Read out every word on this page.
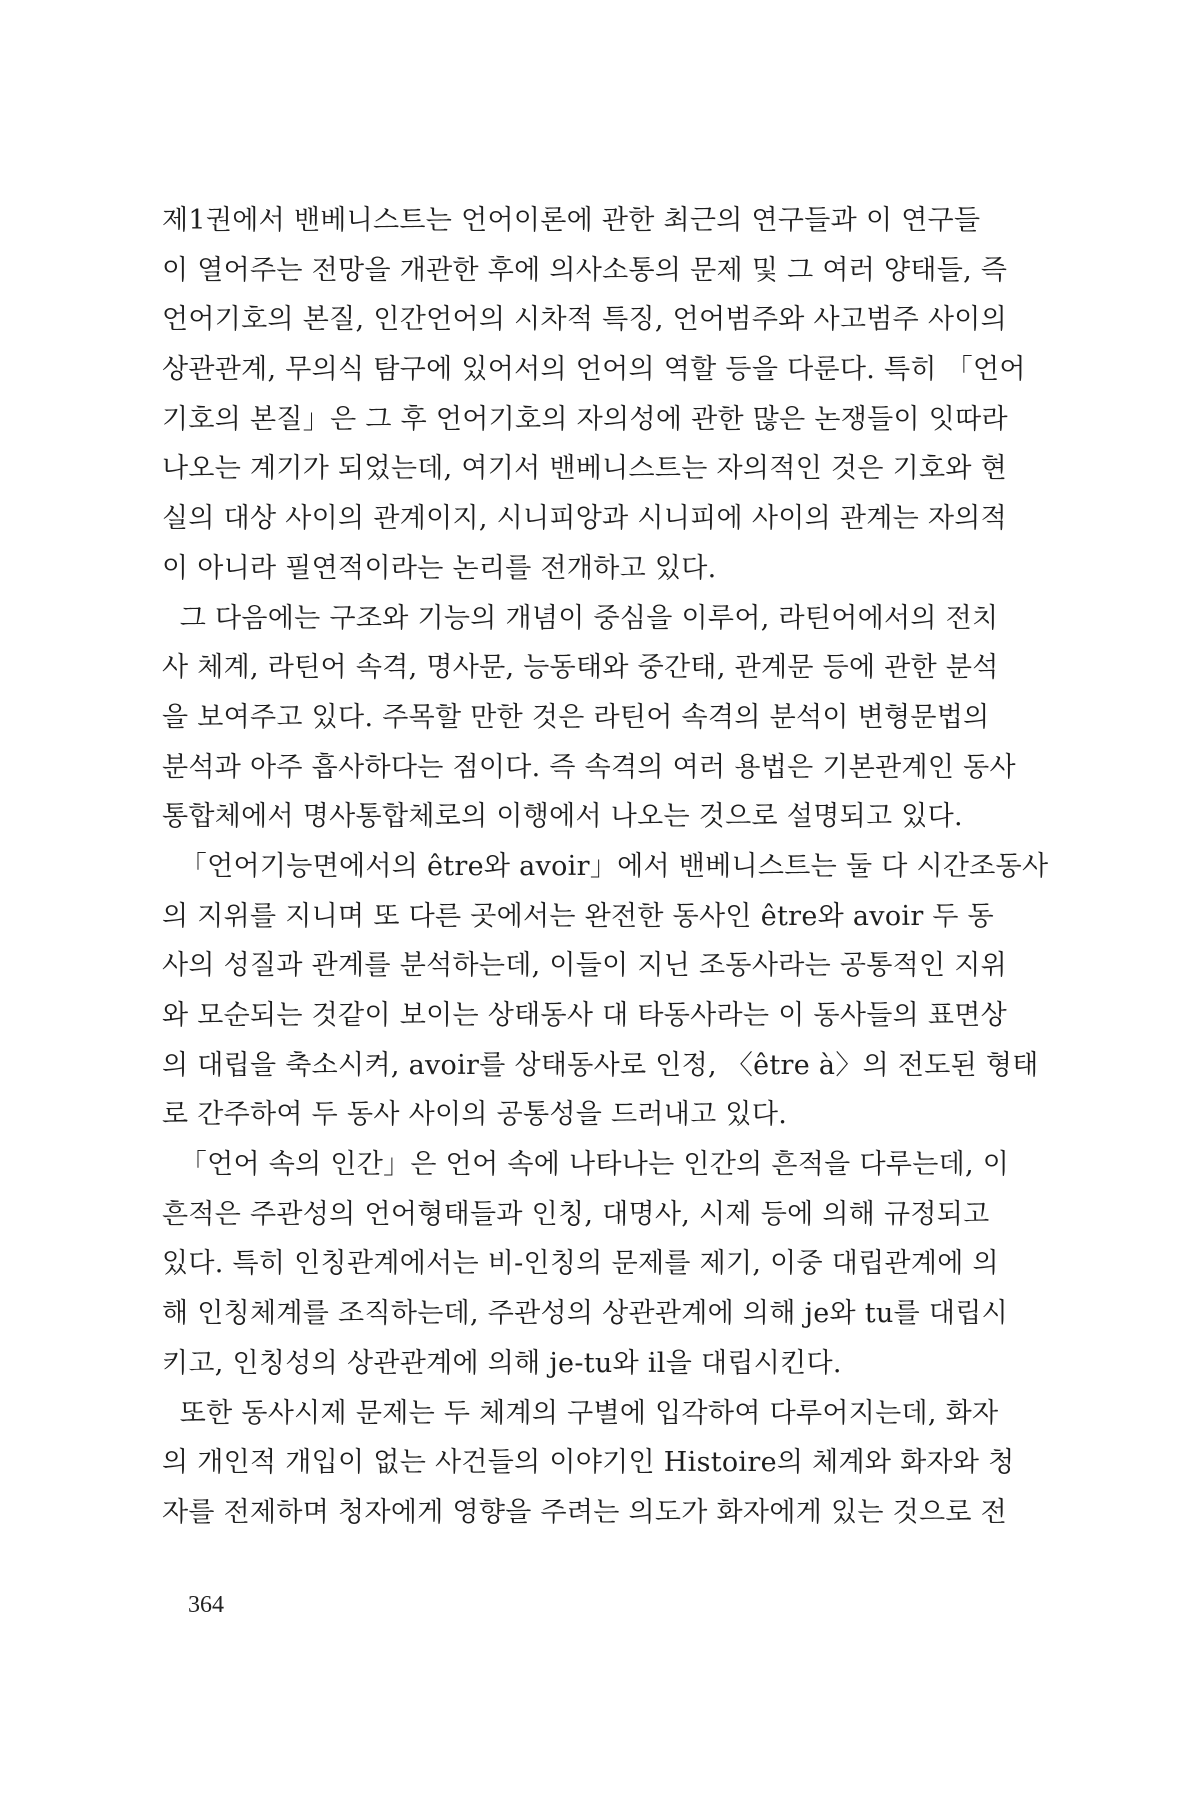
제1권에서 밴베니스트는 언어이론에 관한 최근의 연구들과 이 연구들
이 열어주는 전망을 개관한 후에 의사소통의 문제 및 그 여러 양태들, 즉
언어기호의 본질, 인간언어의 시차적 특징, 언어범주와 사고범주 사이의
상관관계, 무의식 탐구에 있어서의 언어의 역할 등을 다룬다. 특히 「언어
기호의 본질」은 그 후 언어기호의 자의성에 관한 많은 논쟁들이 잇따라
나오는 계기가 되었는데, 여기서 밴베니스트는 자의적인 것은 기호와 현
실의 대상 사이의 관계이지, 시니피앙과 시니피에 사이의 관계는 자의적
이 아니라 필연적이라는 논리를 전개하고 있다.
그 다음에는 구조와 기능의 개념이 중심을 이루어, 라틴어에서의 전치
사 체계, 라틴어 속격, 명사문, 능동태와 중간태, 관계문 등에 관한 분석
을 보여주고 있다. 주목할 만한 것은 라틴어 속격의 분석이 변형문법의
분석과 아주 흡사하다는 점이다. 즉 속격의 여러 용법은 기본관계인 동사
통합체에서 명사통합체로의 이행에서 나오는 것으로 설명되고 있다.
「언어기능면에서의 être와 avoir」에서 밴베니스트는 둘 다 시간조동사
의 지위를 지니며 또 다른 곳에서는 완전한 동사인 être와 avoir 두 동
사의 성질과 관계를 분석하는데, 이들이 지닌 조동사라는 공통적인 지위
와 모순되는 것같이 보이는 상태동사 대 타동사라는 이 동사들의 표면상
의 대립을 축소시켜, avoir를 상태동사로 인정, 〈être à〉의 전도된 형태
로 간주하여 두 동사 사이의 공통성을 드러내고 있다.
「언어 속의 인간」은 언어 속에 나타나는 인간의 흔적을 다루는데, 이
흔적은 주관성의 언어형태들과 인칭, 대명사, 시제 등에 의해 규정되고
있다. 특히 인칭관계에서는 비-인칭의 문제를 제기, 이중 대립관계에 의
해 인칭체계를 조직하는데, 주관성의 상관관계에 의해 je와 tu를 대립시
키고, 인칭성의 상관관계에 의해 je-tu와 il을 대립시킨다.
또한 동사시제 문제는 두 체계의 구별에 입각하여 다루어지는데, 화자
의 개인적 개입이 없는 사건들의 이야기인 Histoire의 체계와 화자와 청
자를 전제하며 청자에게 영향을 주려는 의도가 화자에게 있는 것으로 전
364
